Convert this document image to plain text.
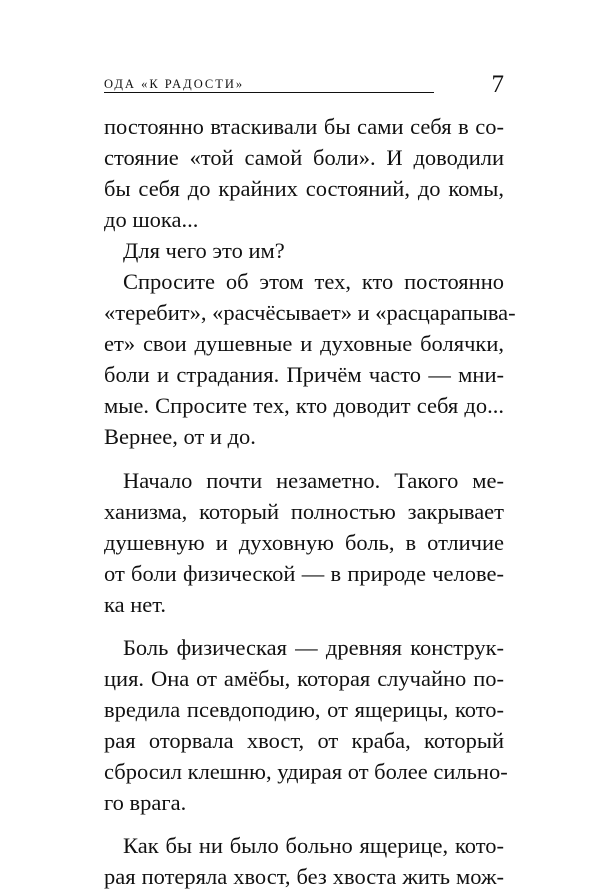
ОДА «К РАДОСТИ»	7
постоянно втаскивали бы сами себя в со-
стояние «той самой боли». И доводили
бы себя до крайних состояний, до комы,
до шока...
Для чего это им?
Спросите об этом тех, кто постоянно
«теребит», «расчёсывает» и «расцарапыва-
ет» свои душевные и духовные болячки,
боли и страдания. Причём часто — мни-
мые. Спросите тех, кто доводит себя до...
Вернее, от и до.
Начало почти незаметно. Такого ме-
ханизма, который полностью закрывает
душевную и духовную боль, в отличие
от боли физической — в природе челове-
ка нет.
Боль физическая — древняя конструк-
ция. Она от амёбы, которая случайно по-
вредила псевдоподию, от ящерицы, кото-
рая оторвала хвост, от краба, который
сбросил клешню, удирая от более сильно-
го врага.
Как бы ни было больно ящерице, кото-
рая потеряла хвост, без хвоста жить мож-
